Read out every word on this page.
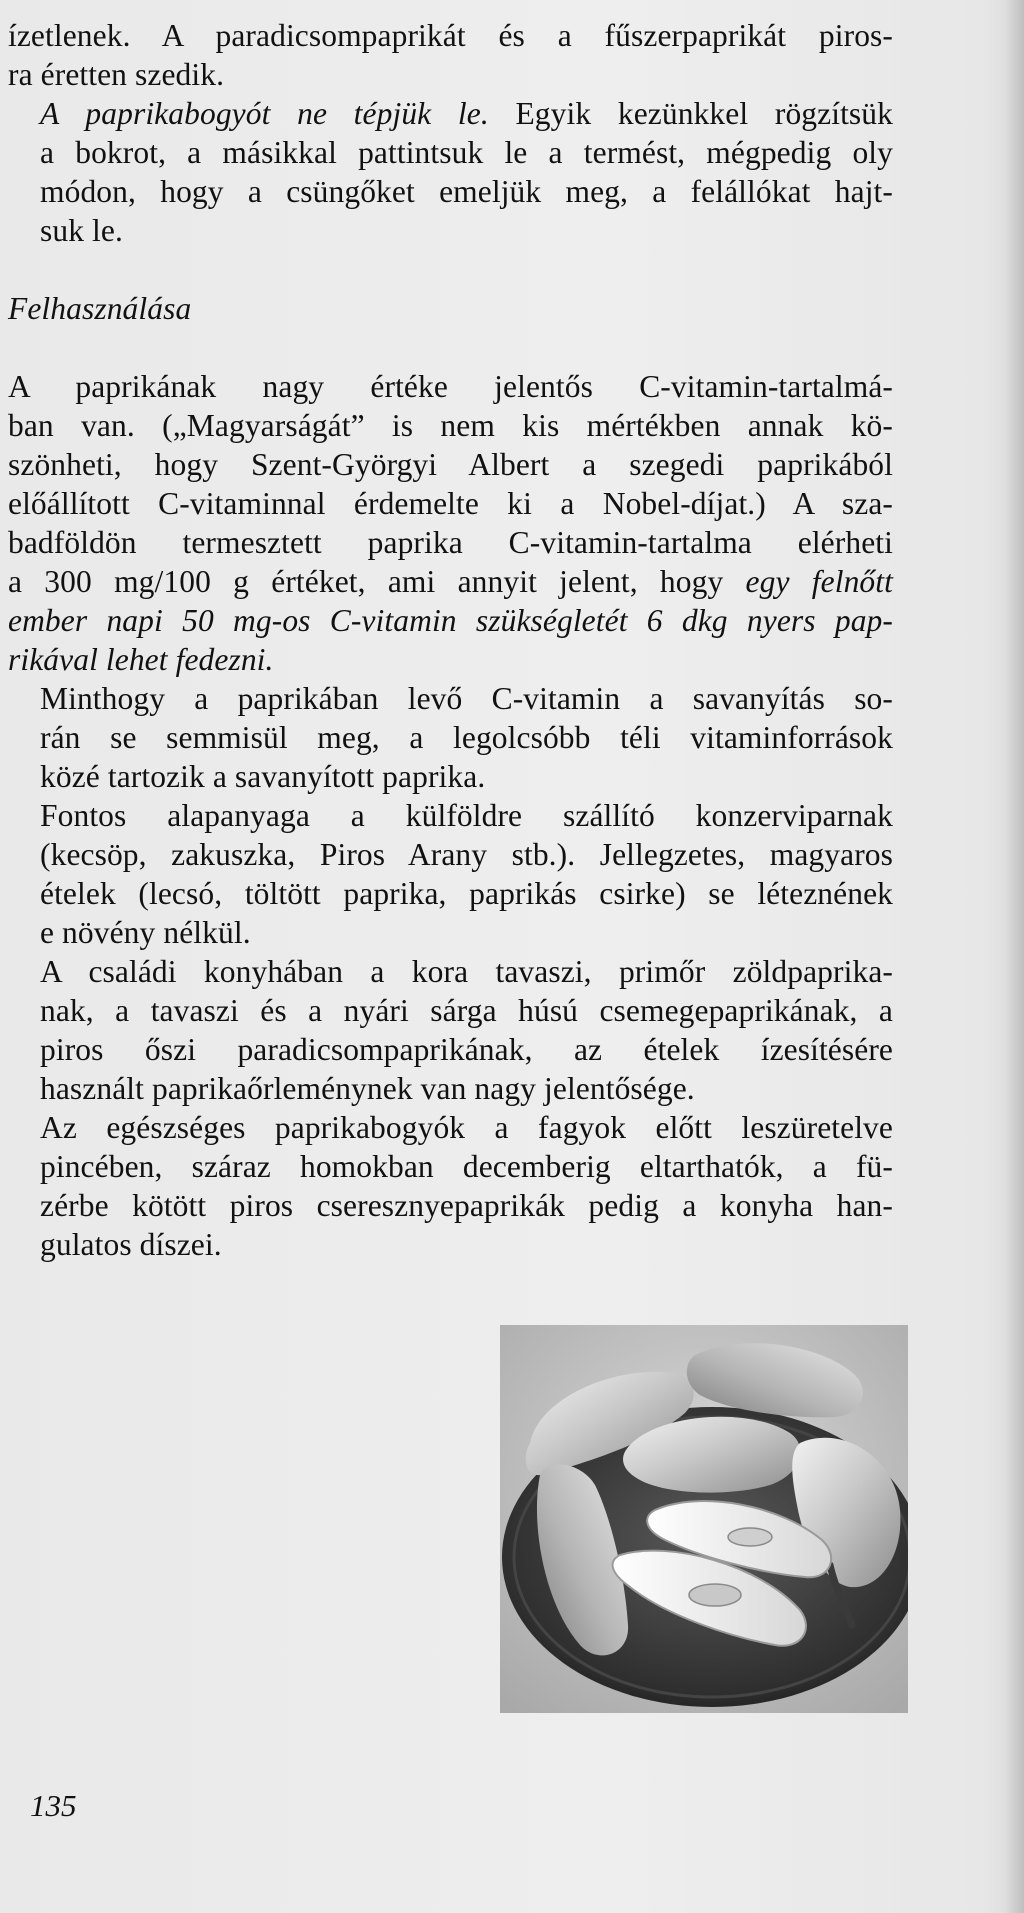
ízetlenek. A paradicsompaprikát és a fűszerpaprikát piros-
ra éretten szedik.

A paprikabogyót ne tépjük le. Egyik kezünkkel rögzítsük
a bokrot, a másikkal pattintsuk le a termést, mégpedig oly
módon, hogy a csüngőket emeljük meg, a felállókat hajt-
suk le.

Felhasználása

A paprikának nagy értéke jelentős C-vitamin-tartalmá-
ban van. („Magyarságát” is nem kis mértékben annak kö-
szönheti, hogy Szent-Györgyi Albert a szegedi paprikából
előállított C-vitaminnal érdemelte ki a Nobel-díjat.) A sza-
badföldön termesztett paprika C-vitamin-tartalma elérheti
a 300 mg/100 g értéket, ami annyit jelent, hogy egy felnőtt
ember napi 50 mg-os C-vitamin szükségletét 6 dkg nyers pap-
rikával lehet fedezni.

Minthogy a paprikában levő C-vitamin a savanyítás so-
rán se semmisül meg, a legolcsóbb téli vitaminforrások
közé tartozik a savanyított paprika.

Fontos alapanyaga a külföldre szállító konzerviparnak
(kecsöp, zakuszka, Piros Arany stb.). Jellegzetes, magyaros
ételek (lecsó, töltött paprika, paprikás csirke) se léteznének
e növény nélkül.

A családi konyhában a kora tavaszi, primőr zöldpaprika-
nak, a tavaszi és a nyári sárga húsú csemegepaprikának, a
piros őszi paradicsompaprikának, az ételek ízesítésére
használt paprikaőrleménynek van nagy jelentősége.

Az egészséges paprikabogyók a fagyok előtt leszüretelve
pincében, száraz homokban decemberig eltarthatók, a fü-
zérbe kötött piros cseresznyepaprikák pedig a konyha han-
gulatos díszei.

135
